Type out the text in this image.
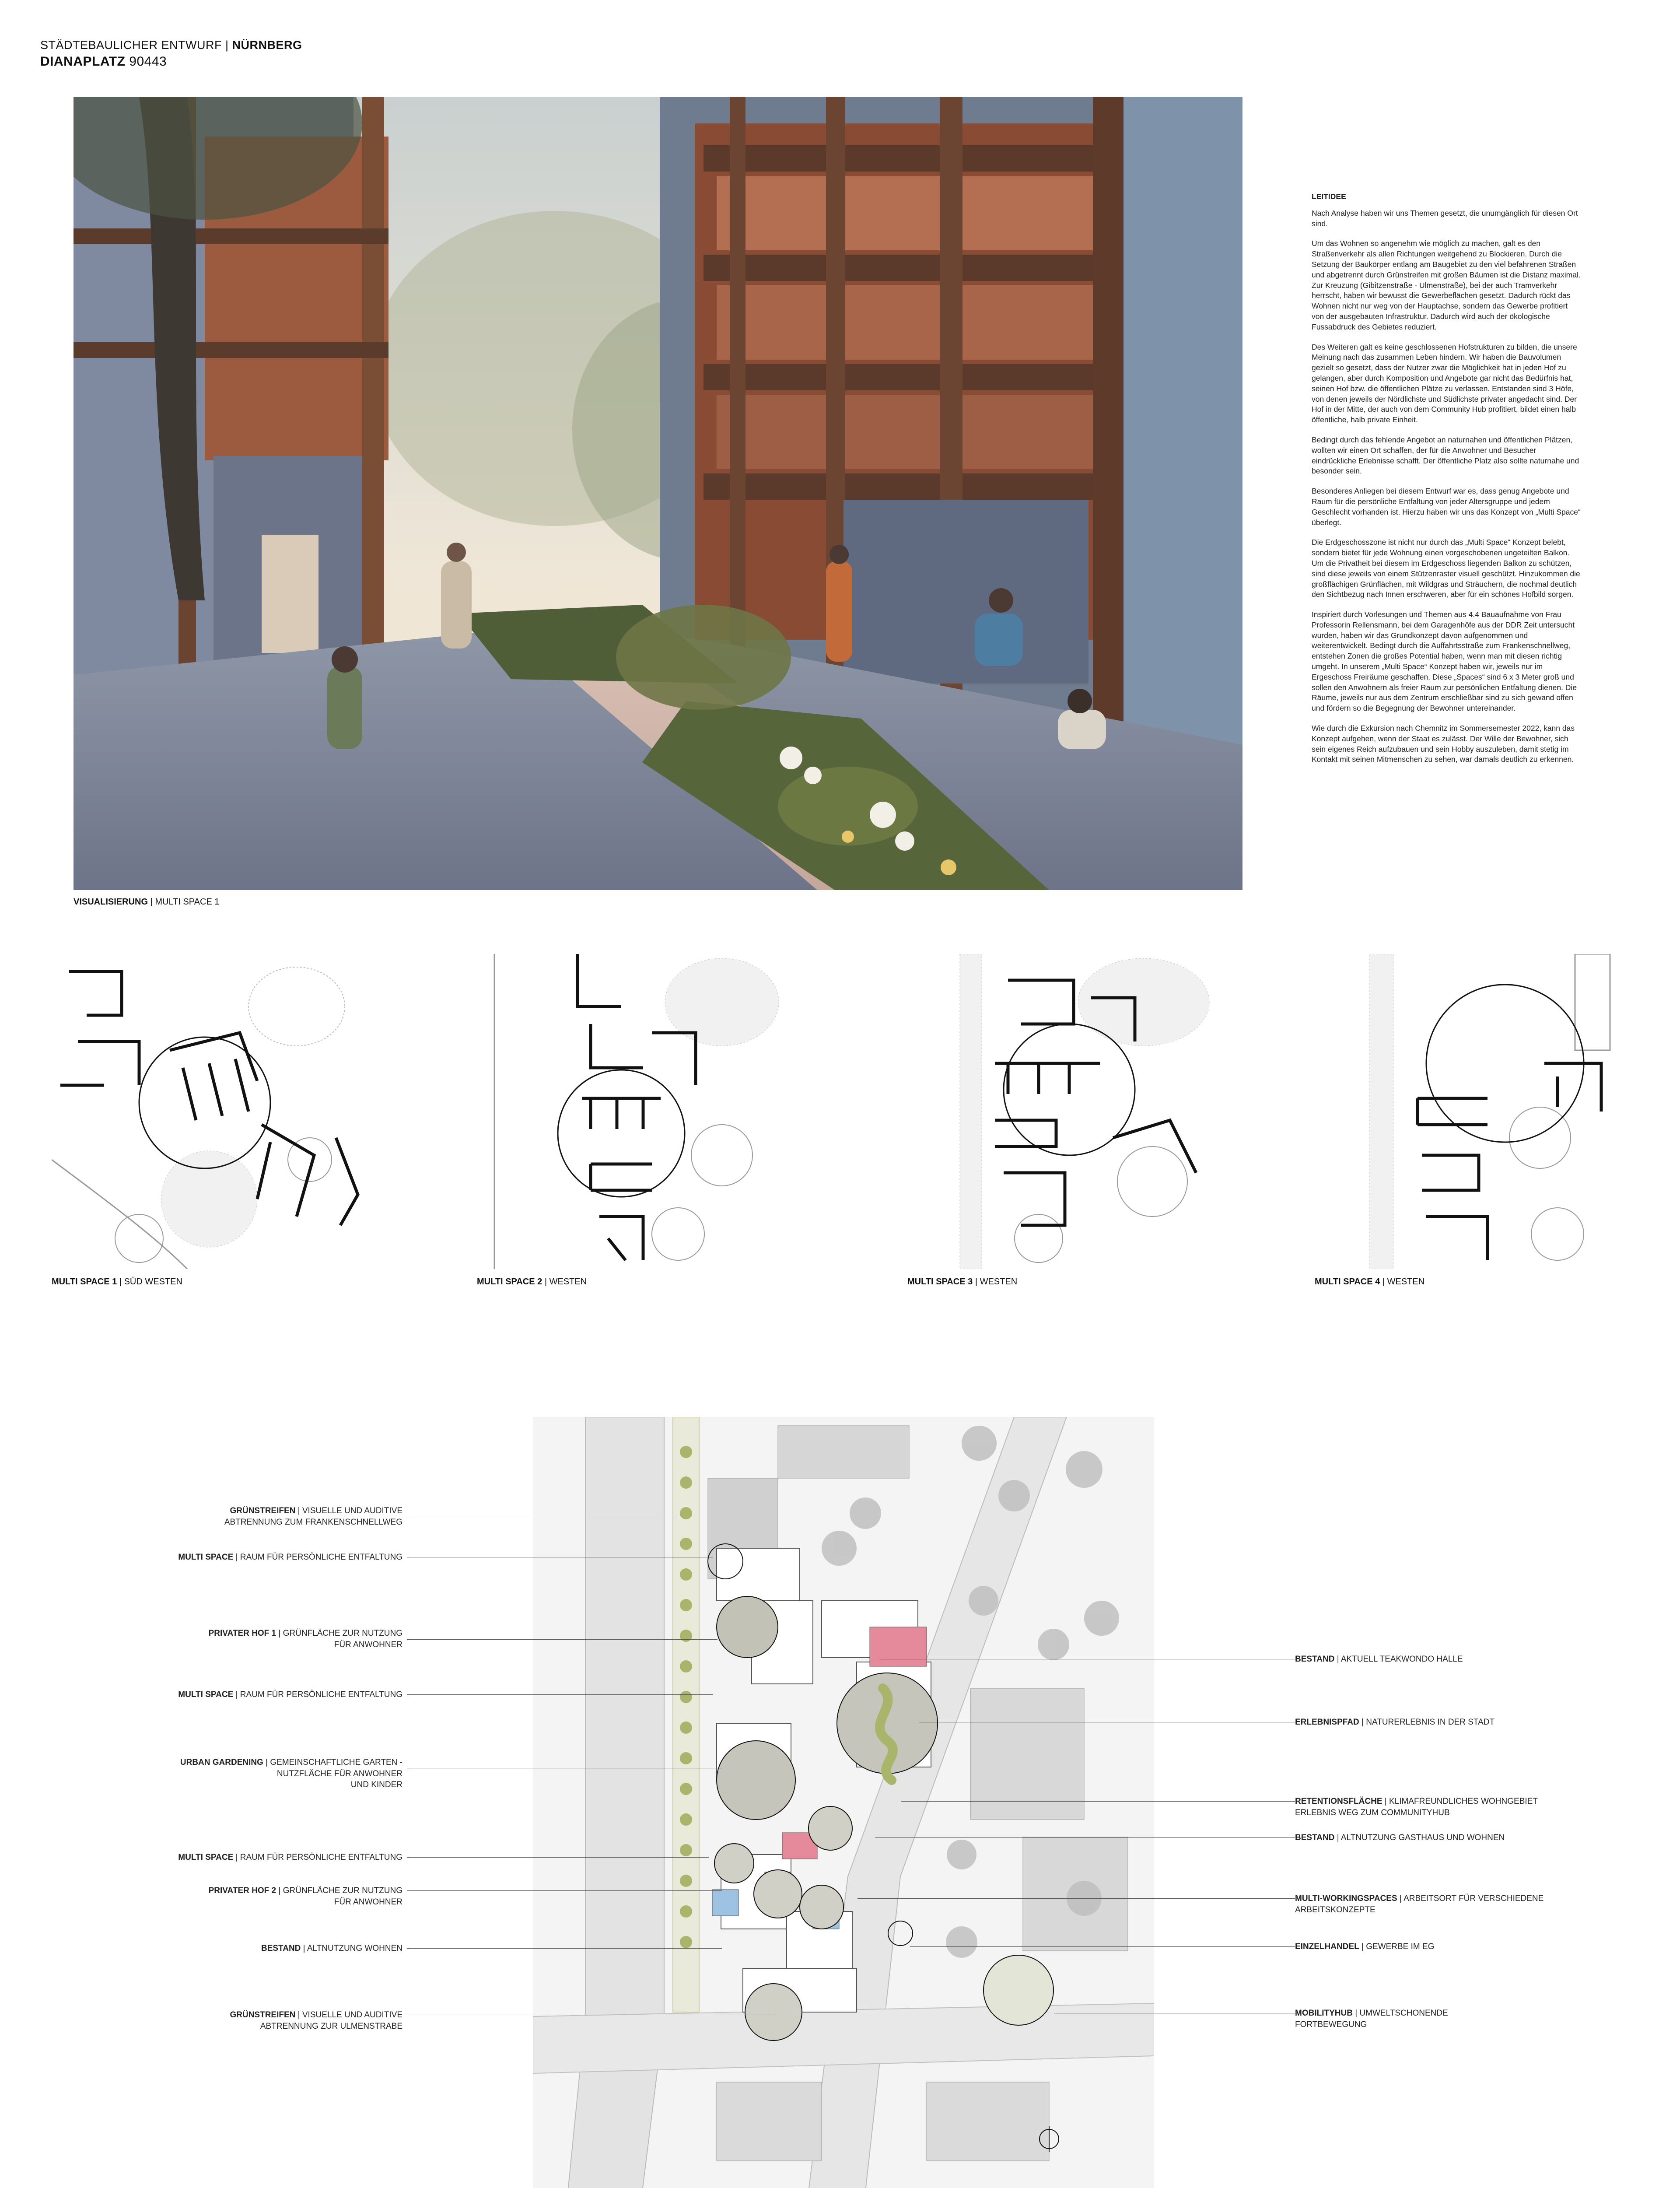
STÄDTEBAULICHER ENTWURF | NÜRNBERG
DIANAPLATZ 90443
VISUALISIERUNG | MULTI SPACE 1
LEITIDEE

Nach Analyse haben wir uns Themen gesetzt, die unumgänglich für diesen Ort sind.

Um das Wohnen so angenehm wie möglich zu machen, galt es den Straßenverkehr als allen Richtungen weitgehend zu Blockieren. Durch die Setzung der Baukörper entlang am Baugebiet zu den viel befahrenen Straßen und abgetrennt durch Grünstreifen mit großen Bäumen ist die Distanz maximal. Zur Kreuzung (Gibitzenstraße - Ulmenstraße), bei der auch Tramverkehr herrscht, haben wir bewusst die Gewerbeflächen gesetzt. Dadurch rückt das Wohnen nicht nur weg von der Hauptachse, sondern das Gewerbe profitiert von der ausgebauten Infrastruktur. Dadurch wird auch der ökologische Fussabdruck des Gebietes reduziert.

Des Weiteren galt es keine geschlossenen Hofstrukturen zu bilden, die unsere Meinung nach das zusammen Leben hindern. Wir haben die Bauvolumen gezielt so gesetzt, dass der Nutzer zwar die Möglichkeit hat in jeden Hof zu gelangen, aber durch Komposition und Angebote gar nicht das Bedürfnis hat, seinen Hof bzw. die öffentlichen Plätze zu verlassen. Entstanden sind 3 Höfe, von denen jeweils der Nördlichste und Südlichste privater angedacht sind. Der Hof in der Mitte, der auch von dem Community Hub profitiert, bildet einen halb öffentliche, halb private Einheit.

Bedingt durch das fehlende Angebot an naturnahen und öffentlichen Plätzen, wollten wir einen Ort schaffen, der für die Anwohner und Besucher eindrückliche Erlebnisse schafft. Der öffentliche Platz also sollte naturnahe und besonder sein.

Besonderes Anliegen bei diesem Entwurf war es, dass genug Angebote und Raum für die persönliche Entfaltung von jeder Altersgruppe und jedem Geschlecht vorhanden ist. Hierzu haben wir uns das Konzept von „Multi Space“ überlegt.

Die Erdgeschosszone ist nicht nur durch das „Multi Space“ Konzept belebt, sondern bietet für jede Wohnung einen vorgeschobenen ungeteilten Balkon. Um die Privatheit bei diesem im Erdgeschoss liegenden Balkon zu schützen, sind diese jeweils von einem Stützenraster visuell geschützt. Hinzukommen die großflächigen Grünflächen, mit Wildgras und Sträuchern, die nochmal deutlich den Sichtbezug nach Innen erschweren, aber für ein schönes Hofbild sorgen.

Inspiriert durch Vorlesungen und Themen aus 4.4 Bauaufnahme von Frau Professorin Rellensmann, bei dem Garagenhöfe aus der DDR Zeit untersucht wurden, haben wir das Grundkonzept davon aufgenommen und weiterentwickelt. Bedingt durch die Auffahrtsstraße zum Frankenschnellweg, entstehen Zonen die großes Potential haben, wenn man mit diesen richtig umgeht. In unserem „Multi Space“ Konzept haben wir, jeweils nur im Ergeschoss Freiräume geschaffen. Diese „Spaces“ sind 6 x 3 Meter groß und sollen den Anwohnern als freier Raum zur persönlichen Entfaltung dienen. Die Räume, jeweils nur aus dem Zentrum erschließbar sind zu sich gewand offen und fördern so die Begegnung der Bewohner untereinander.

Wie durch die Exkursion nach Chemnitz im Sommersemester 2022, kann das Konzept aufgehen, wenn der Staat es zulässt. Der Wille der Bewohner, sich sein eigenes Reich aufzubauen und sein Hobby auszuleben, damit stetig im Kontakt mit seinen Mitmenschen zu sehen, war damals deutlich zu erkennen.

MULTI SPACE 1 | SÜD WESTEN	MULTI SPACE 2 | WESTEN	MULTI SPACE 3 | WESTEN	MULTI SPACE 4 | WESTEN
GRÜNSTREIFEN | VISUELLE UND AUDITIVE
ABTRENNUNG ZUM FRANKENSCHNELLWEG
MULTI SPACE | RAUM FÜR PERSÖNLICHE ENTFALTUNG
PRIVATER HOF 1 | GRÜNFLÄCHE ZUR NUTZUNG
FÜR ANWOHNER
MULTI SPACE | RAUM FÜR PERSÖNLICHE ENTFALTUNG
URBAN GARDENING | GEMEINSCHAFTLICHE GARTEN -
NUTZFLÄCHE FÜR ANWOHNER
UND KINDER
MULTI SPACE | RAUM FÜR PERSÖNLICHE ENTFALTUNG
PRIVATER HOF 2 | GRÜNFLÄCHE ZUR NUTZUNG
FÜR ANWOHNER
BESTAND | ALTNUTZUNG WOHNEN
GRÜNSTREIFEN | VISUELLE UND AUDITIVE
ABTRENNUNG ZUR ULMENSTRABE
BESTAND | AKTUELL TEAKWONDO HALLE
ERLEBNISPFAD | NATURERLEBNIS IN DER STADT
RETENTIONSFLÄCHE | KLIMAFREUNDLICHES WOHNGEBIET
ERLEBNIS WEG ZUM COMMUNITYHUB
BESTAND | ALTNUTZUNG GASTHAUS UND WOHNEN
MULTI-WORKINGSPACES | ARBEITSORT FÜR VERSCHIEDENE
ARBEITSKONZEPTE
EINZELHANDEL | GEWERBE IM EG
MOBILITYHUB | UMWELTSCHONENDE
FORTBEWEGUNG
